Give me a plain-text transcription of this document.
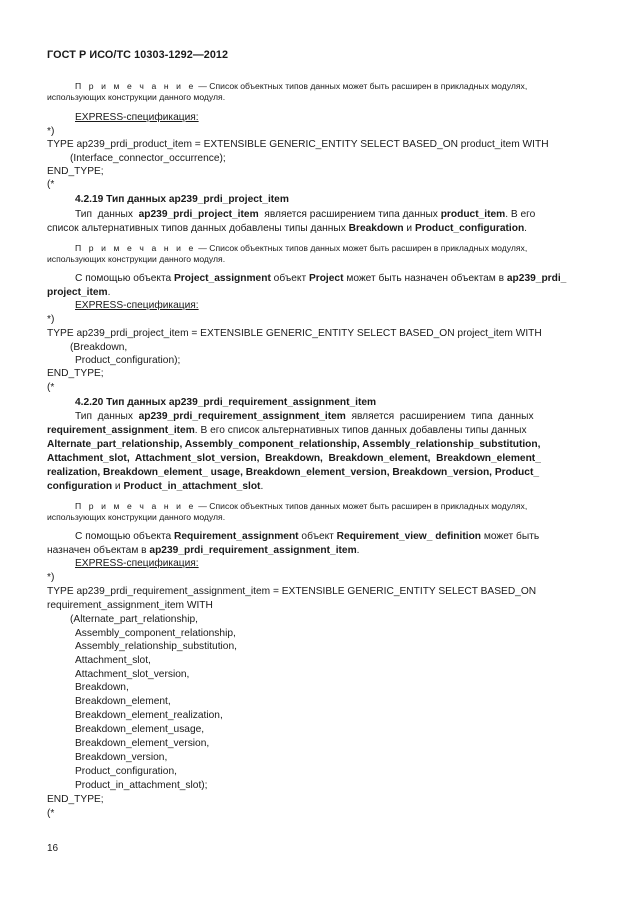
ГОСТ Р ИСО/ТС 10303-1292—2012
П р и м е ч а н и е — Список объектных типов данных может быть расширен в прикладных модулях,
использующих конструкции данного модуля.
EXPRESS-спецификация:
*)
TYPE ap239_prdi_product_item = EXTENSIBLE GENERIC_ENTITY SELECT BASED_ON product_item WITH
(Interface_connector_occurrence);
END_TYPE;
(*
4.2.19 Тип данных ap239_prdi_project_item
Тип  данных  ap239_prdi_project_item  является расширением типа данных product_item. В его
список альтернативных типов данных добавлены типы данных Breakdown и Product_configuration.
П р и м е ч а н и е — Список объектных типов данных может быть расширен в прикладных модулях,
использующих конструкции данного модуля.
С помощью объекта Project_assignment объект Project может быть назначен объектам в ap239_prdi_
project_item.
EXPRESS-спецификация:
*)
TYPE ap239_prdi_project_item = EXTENSIBLE GENERIC_ENTITY SELECT BASED_ON project_item WITH
(Breakdown,
Product_configuration);
END_TYPE;
(*
4.2.20 Тип данных ap239_prdi_requirement_assignment_item
Тип  данных  ap239_prdi_requirement_assignment_item  является  расширением  типа  данных
requirement_assignment_item. В его список альтернативных типов данных добавлены типы данных
Alternate_part_relationship, Assembly_component_relationship, Assembly_relationship_substitution,
Attachment_slot,  Attachment_slot_version,  Breakdown,  Breakdown_element,  Breakdown_element_
realization, Breakdown_element_ usage, Breakdown_element_version, Breakdown_version, Product_
configuration и Product_in_attachment_slot.
П р и м е ч а н и е — Список объектных типов данных может быть расширен в прикладных модулях,
использующих конструкции данного модуля.
С помощью объекта Requirement_assignment объект Requirement_view_ definition может быть
назначен объектам в ap239_prdi_requirement_assignment_item.
EXPRESS-спецификация:
*)
TYPE ap239_prdi_requirement_assignment_item = EXTENSIBLE GENERIC_ENTITY SELECT BASED_ON
requirement_assignment_item WITH
(Alternate_part_relationship,
Assembly_component_relationship,
Assembly_relationship_substitution,
Attachment_slot,
Attachment_slot_version,
Breakdown,
Breakdown_element,
Breakdown_element_realization,
Breakdown_element_usage,
Breakdown_element_version,
Breakdown_version,
Product_configuration,
Product_in_attachment_slot);
END_TYPE;
(*
16
